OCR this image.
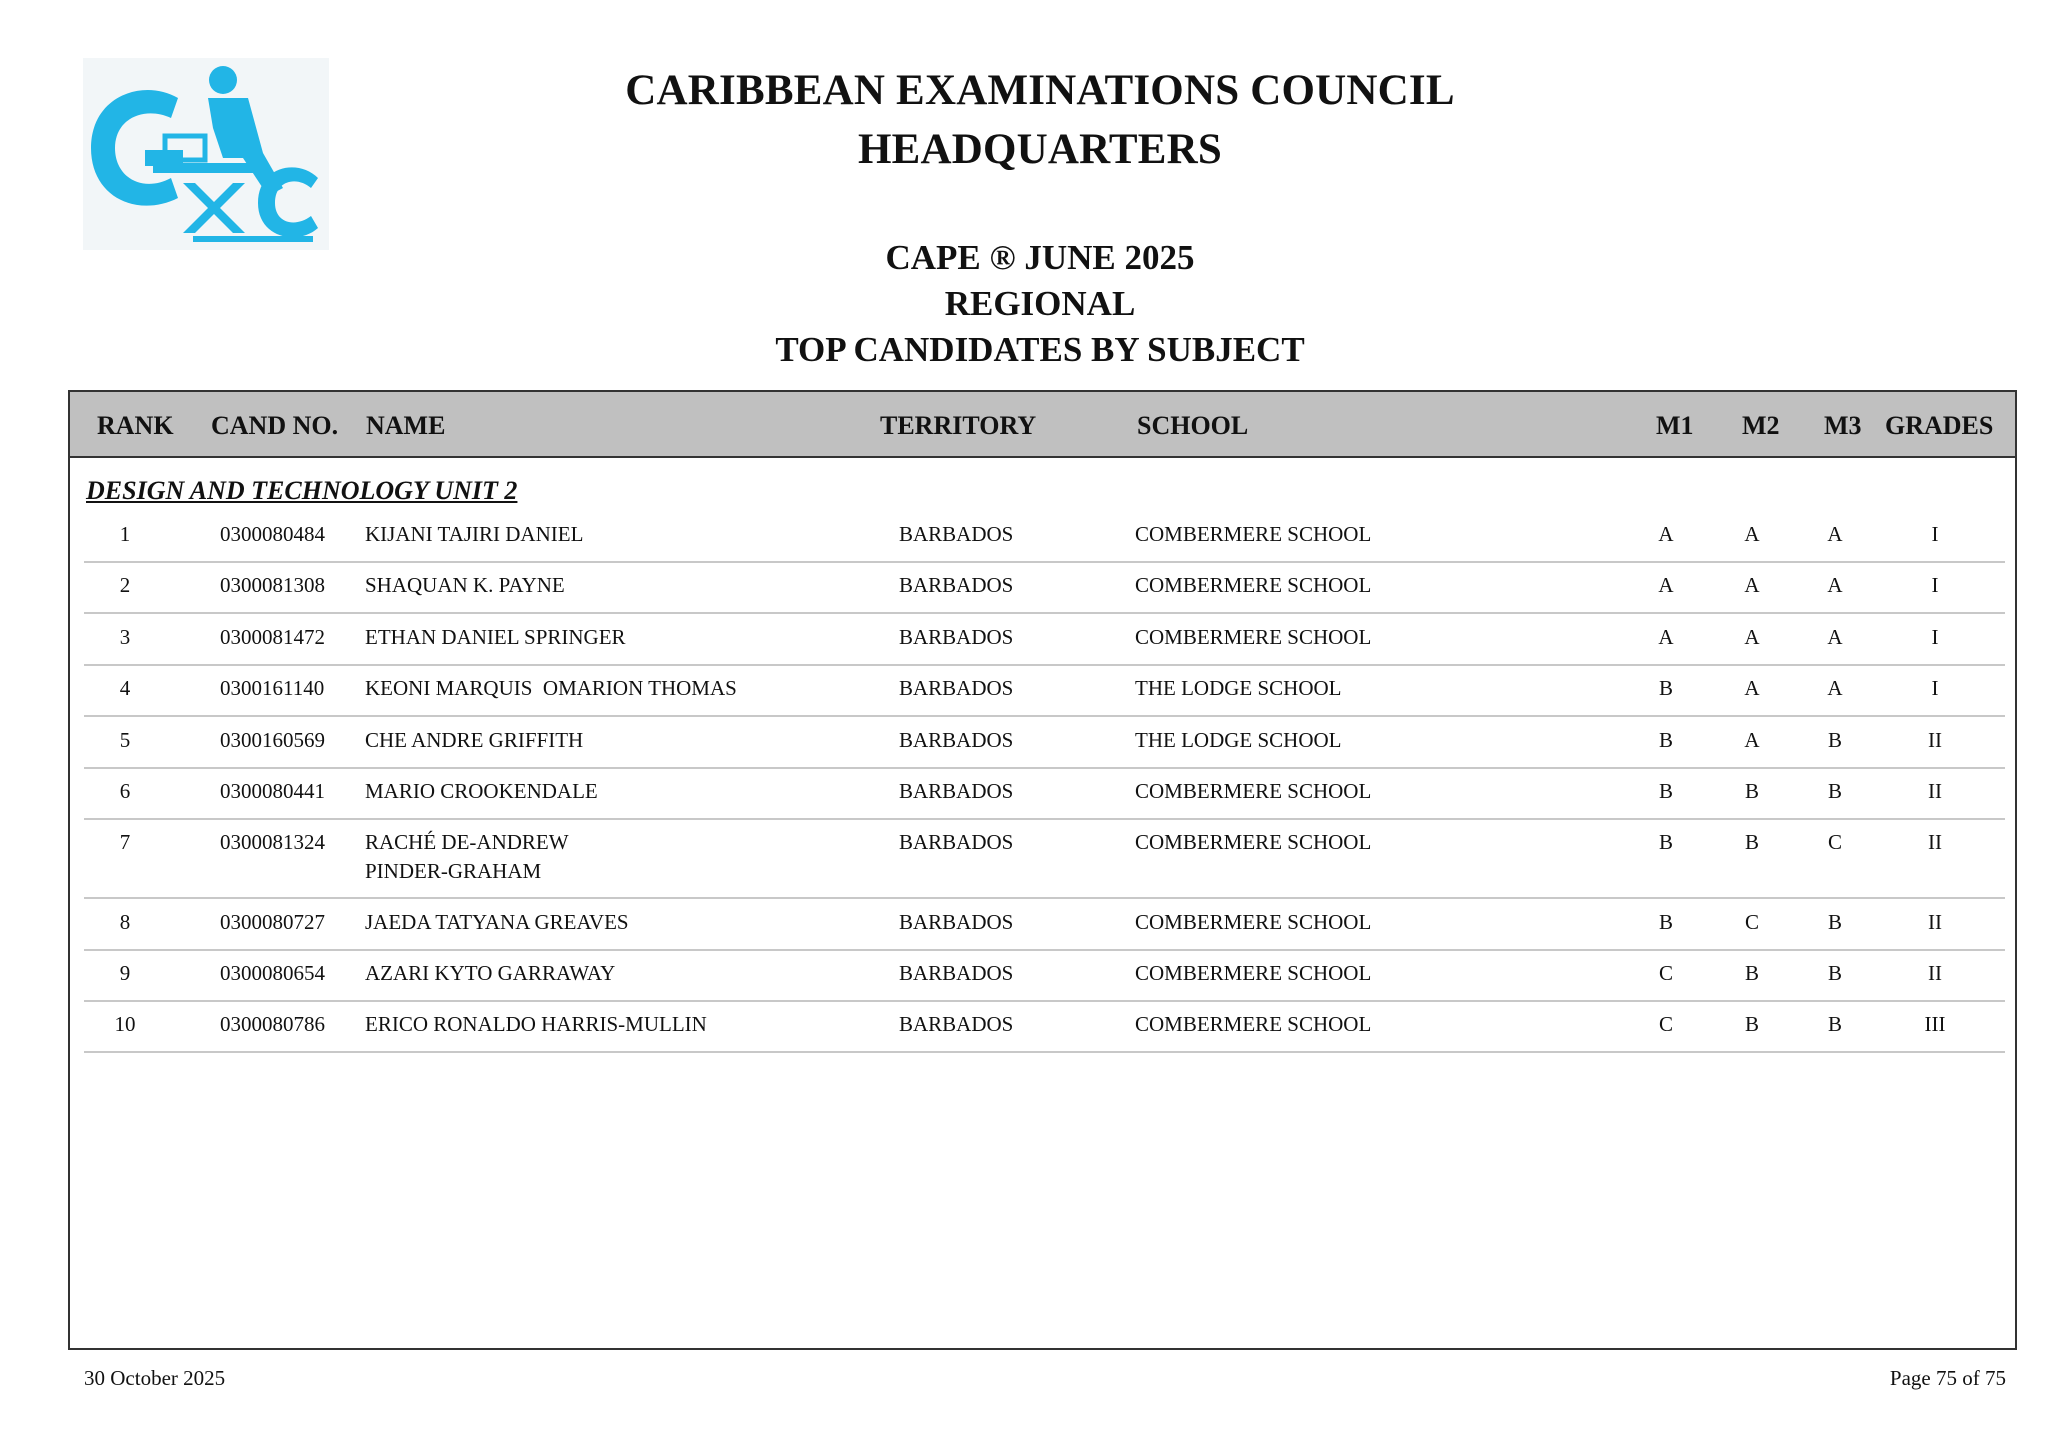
CARIBBEAN EXAMINATIONS COUNCIL
HEADQUARTERS
CAPE ® JUNE 2025
REGIONAL
TOP CANDIDATES BY SUBJECT
RANK CAND NO. NAME	TERRITORY	SCHOOL	M1 M2 M3 GRADES
DESIGN AND TECHNOLOGY UNIT 2
1	0300080484 KIJANI TAJIRI DANIEL	BARBADOS	COMBERMERE SCHOOL	A	A	A	I
2	0300081308 SHAQUAN K. PAYNE	BARBADOS	COMBERMERE SCHOOL	A	A	A	I
3	0300081472 ETHAN DANIEL SPRINGER	BARBADOS	COMBERMERE SCHOOL	A	A	A	I
4	0300161140 KEONI MARQUIS  OMARION THOMAS	BARBADOS	THE LODGE SCHOOL	B	A	A	I
5	0300160569 CHE ANDRE GRIFFITH	BARBADOS	THE LODGE SCHOOL	B	A	B	II
6	0300080441 MARIO CROOKENDALE	BARBADOS	COMBERMERE SCHOOL	B	B	B	II
7	0300081324 RACHÉ DE-ANDREW
PINDER-GRAHAM
BARBADOS	COMBERMERE SCHOOL	B	B	C	II
8	0300080727 JAEDA TATYANA GREAVES	BARBADOS	COMBERMERE SCHOOL	B	C	B	II
9	0300080654 AZARI KYTO GARRAWAY	BARBADOS	COMBERMERE SCHOOL	C	B	B	II
10	0300080786 ERICO RONALDO HARRIS-MULLIN	BARBADOS	COMBERMERE SCHOOL	C	B	B	III
30 October 2025	Page 75 of 75
